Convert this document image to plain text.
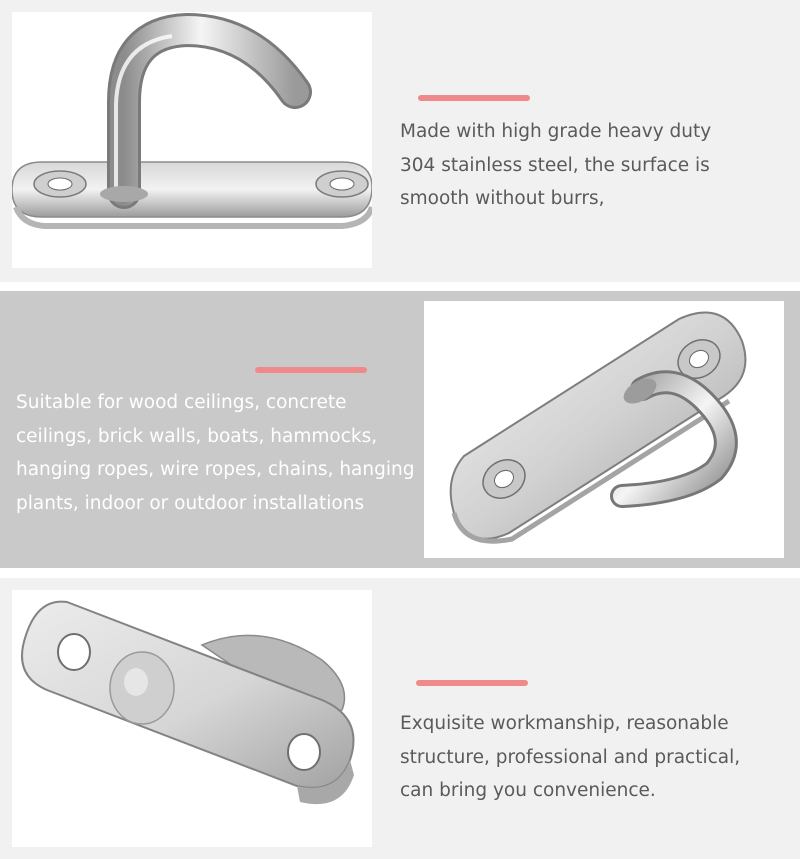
Made with high grade heavy duty
304 stainless steel, the surface is
smooth without burrs,
Suitable for wood ceilings, concrete
ceilings, brick walls, boats, hammocks,
hanging ropes, wire ropes, chains, hanging
plants, indoor or outdoor installations
Exquisite workmanship, reasonable
structure, professional and practical,
can bring you convenience.
